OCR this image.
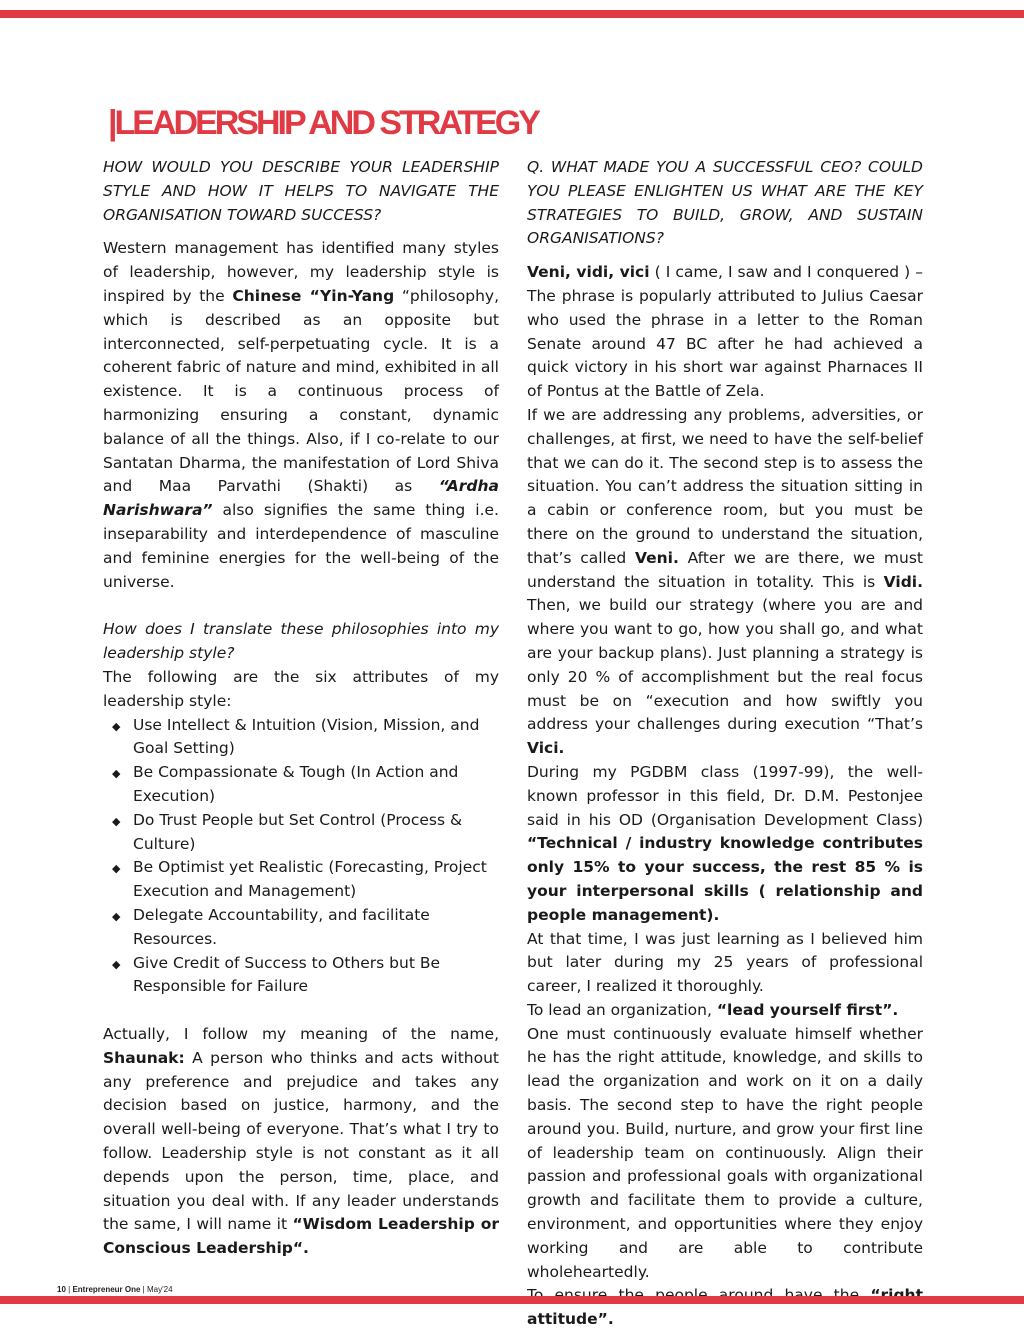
|LEADERSHIP AND STRATEGY

HOW WOULD YOU DESCRIBE YOUR LEADERSHIP STYLE AND HOW IT HELPS TO NAVIGATE THE ORGANISATION TOWARD SUCCESS?

Western management has identified many styles of leadership, however, my leadership style is inspired by the Chinese “Yin-Yang “philosophy, which is described as an opposite but interconnected, self-perpetuating cycle. It is a coherent fabric of nature and mind, exhibited in all existence. It is a continuous process of harmonizing ensuring a constant, dynamic balance of all the things. Also, if I co-relate to our Santatan Dharma, the manifestation of Lord Shiva and Maa Parvathi (Shakti) as “Ardha Narishwara” also signifies the same thing i.e. inseparability and interdependence of masculine and feminine energies for the well-being of the universe.

How does I translate these philosophies into my leadership style?

The following are the six attributes of my leadership style:

◆ Use Intellect & Intuition (Vision, Mission, and Goal Setting)
◆ Be Compassionate & Tough (In Action and Execution)
◆ Do Trust People but Set Control (Process & Culture)
◆ Be Optimist yet Realistic (Forecasting, Project Execution and Management)
◆ Delegate Accountability, and facilitate Resources.
◆ Give Credit of Success to Others but Be Responsible for Failure

Actually, I follow my meaning of the name, Shaunak: A person who thinks and acts without any preference and prejudice and takes any decision based on justice, harmony, and the overall well-being of everyone. That’s what I try to follow. Leadership style is not constant as it all depends upon the person, time, place, and situation you deal with. If any leader understands the same, I will name it “Wisdom Leadership or Conscious Leadership“.

Q. WHAT MADE YOU A SUCCESSFUL CEO? COULD YOU PLEASE ENLIGHTEN US WHAT ARE THE KEY STRATEGIES TO BUILD, GROW, AND SUSTAIN ORGANISATIONS?

Veni, vidi, vici ( I came, I saw and I conquered ) – The phrase is popularly attributed to Julius Caesar who used the phrase in a letter to the Roman Senate around 47 BC after he had achieved a quick victory in his short war against Pharnaces II of Pontus at the Battle of Zela.

If we are addressing any problems, adversities, or challenges, at first, we need to have the self-belief that we can do it. The second step is to assess the situation. You can’t address the situation sitting in a cabin or conference room, but you must be there on the ground to understand the situation, that’s called Veni. After we are there, we must understand the situation in totality. This is Vidi. Then, we build our strategy (where you are and where you want to go, how you shall go, and what are your backup plans). Just planning a strategy is only 20 % of accomplishment but the real focus must be on “execution and how swiftly you address your challenges during execution “That’s Vici.

During my PGDBM class (1997-99), the well-known professor in this field, Dr. D.M. Pestonjee said in his OD (Organisation Development Class) “Technical / industry knowledge contributes only 15% to your success, the rest 85 % is your interpersonal skills ( relationship and people management).

At that time, I was just learning as I believed him but later during my 25 years of professional career, I realized it thoroughly.

To lead an organization, “lead yourself first”.

One must continuously evaluate himself whether he has the right attitude, knowledge, and skills to lead the organization and work on it on a daily basis. The second step to have the right people around you. Build, nurture, and grow your first line of leadership team on continuously. Align their passion and professional goals with organizational growth and facilitate them to provide a culture, environment, and opportunities where they enjoy working and are able to contribute wholeheartedly.

attitude”.

10 | Entrepreneur One | May'24
